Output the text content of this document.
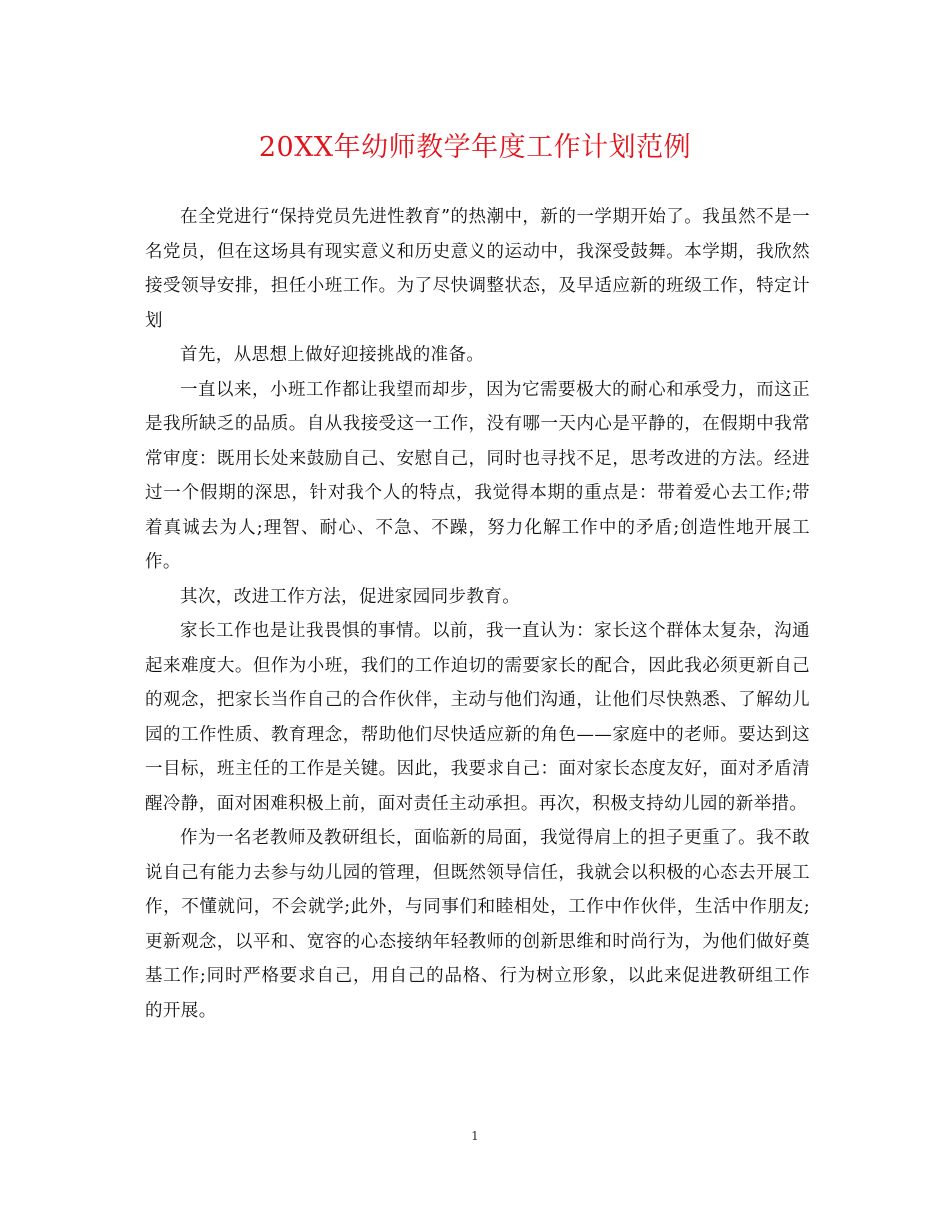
20XX年幼师教学年度工作计划范例

在全党进行“保持党员先进性教育”的热潮中，新的一学期开始了。我虽然不是一名党员，但在这场具有现实意义和历史意义的运动中，我深受鼓舞。本学期，我欣然接受领导安排，担任小班工作。为了尽快调整状态，及早适应新的班级工作，特定计划

首先，从思想上做好迎接挑战的准备。

一直以来，小班工作都让我望而却步，因为它需要极大的耐心和承受力，而这正是我所缺乏的品质。自从我接受这一工作，没有哪一天内心是平静的，在假期中我常常审度：既用长处来鼓励自己、安慰自己，同时也寻找不足，思考改进的方法。经进过一个假期的深思，针对我个人的特点，我觉得本期的重点是：带着爱心去工作;带着真诚去为人;理智、耐心、不急、不躁，努力化解工作中的矛盾;创造性地开展工作。

其次，改进工作方法，促进家园同步教育。

家长工作也是让我畏惧的事情。以前，我一直认为：家长这个群体太复杂，沟通起来难度大。但作为小班，我们的工作迫切的需要家长的配合，因此我必须更新自己的观念，把家长当作自己的合作伙伴，主动与他们沟通，让他们尽快熟悉、了解幼儿园的工作性质、教育理念，帮助他们尽快适应新的角色——家庭中的老师。要达到这一目标，班主任的工作是关键。因此，我要求自己：面对家长态度友好，面对矛盾清醒冷静，面对困难积极上前，面对责任主动承担。再次，积极支持幼儿园的新举措。

作为一名老教师及教研组长，面临新的局面，我觉得肩上的担子更重了。我不敢说自己有能力去参与幼儿园的管理，但既然领导信任，我就会以积极的心态去开展工作，不懂就问，不会就学;此外，与同事们和睦相处，工作中作伙伴，生活中作朋友;更新观念，以平和、宽容的心态接纳年轻教师的创新思维和时尚行为，为他们做好奠基工作;同时严格要求自己，用自己的品格、行为树立形象，以此来促进教研组工作的开展。

1
